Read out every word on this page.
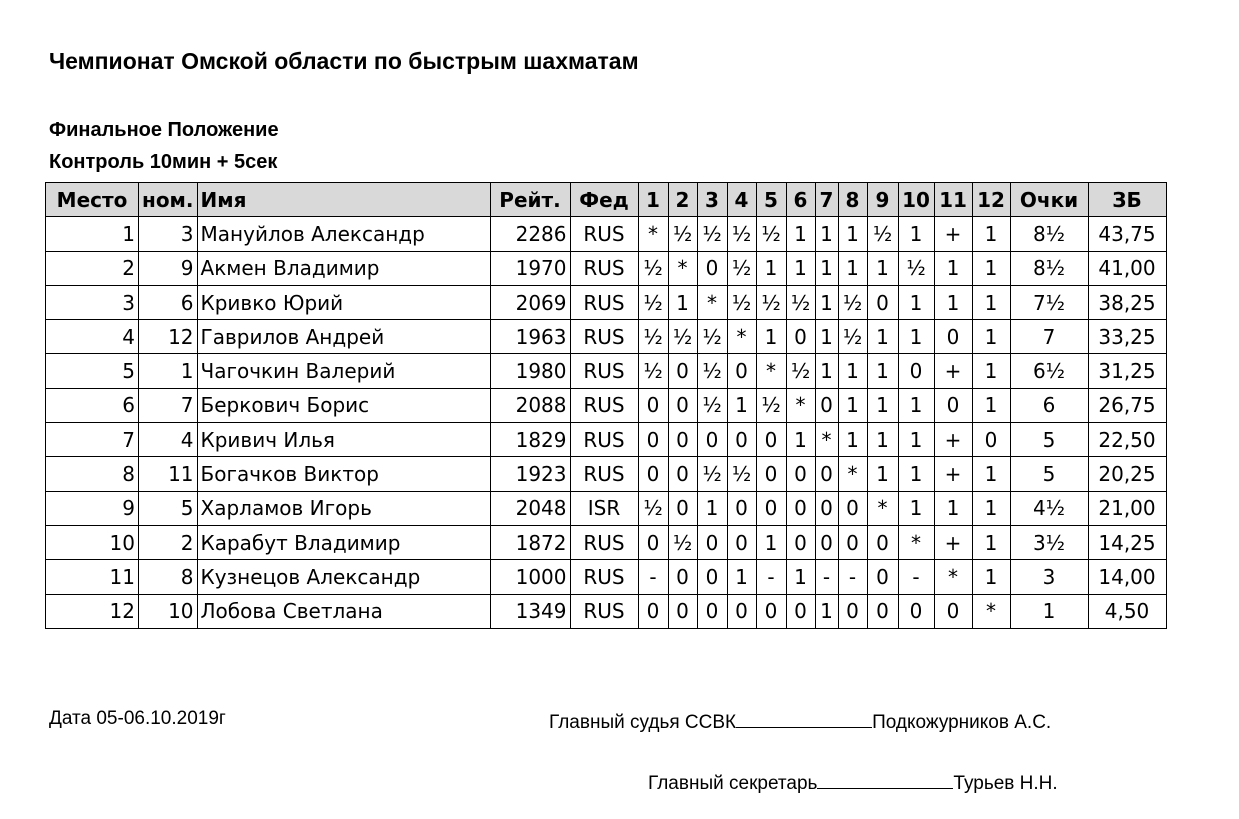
Чемпионат Омской области по быстрым шахматам
Финальное Положение
Контроль 10мин + 5сек
Место	ном.	Имя	Рейт.	Фед	1	2	3	4	5	6	7	8	9	10	11	12	Очки	ЗБ
1	3	Мануйлов Александр	2286	RUS	*	½	½	½	½	1	1	1	½	1	+	1	8½	43,75
2	9	Акмен Владимир	1970	RUS	½	*	0	½	1	1	1	1	1	½	1	1	8½	41,00
3	6	Кривко Юрий	2069	RUS	½	1	*	½	½	½	1	½	0	1	1	1	7½	38,25
4	12	Гаврилов Андрей	1963	RUS	½	½	½	*	1	0	1	½	1	1	0	1	7	33,25
5	1	Чагочкин Валерий	1980	RUS	½	0	½	0	*	½	1	1	1	0	+	1	6½	31,25
6	7	Беркович Борис	2088	RUS	0	0	½	1	½	*	0	1	1	1	0	1	6	26,75
7	4	Кривич Илья	1829	RUS	0	0	0	0	0	1	*	1	1	1	+	0	5	22,50
8	11	Богачков Виктор	1923	RUS	0	0	½	½	0	0	0	*	1	1	+	1	5	20,25
9	5	Харламов Игорь	2048	ISR	½	0	1	0	0	0	0	0	*	1	1	1	4½	21,00
10	2	Карабут Владимир	1872	RUS	0	½	0	0	1	0	0	0	0	*	+	1	3½	14,25
11	8	Кузнецов Александр	1000	RUS	-	0	0	1	-	1	-	-	0	-	*	1	3	14,00
12	10	Лобова Светлана	1349	RUS	0	0	0	0	0	0	1	0	0	0	0	*	1	4,50
Дата 05-06.10.2019г	Главный судья ССВК	Подкожурников А.С.
Главный секретарь	Турьев Н.Н.
